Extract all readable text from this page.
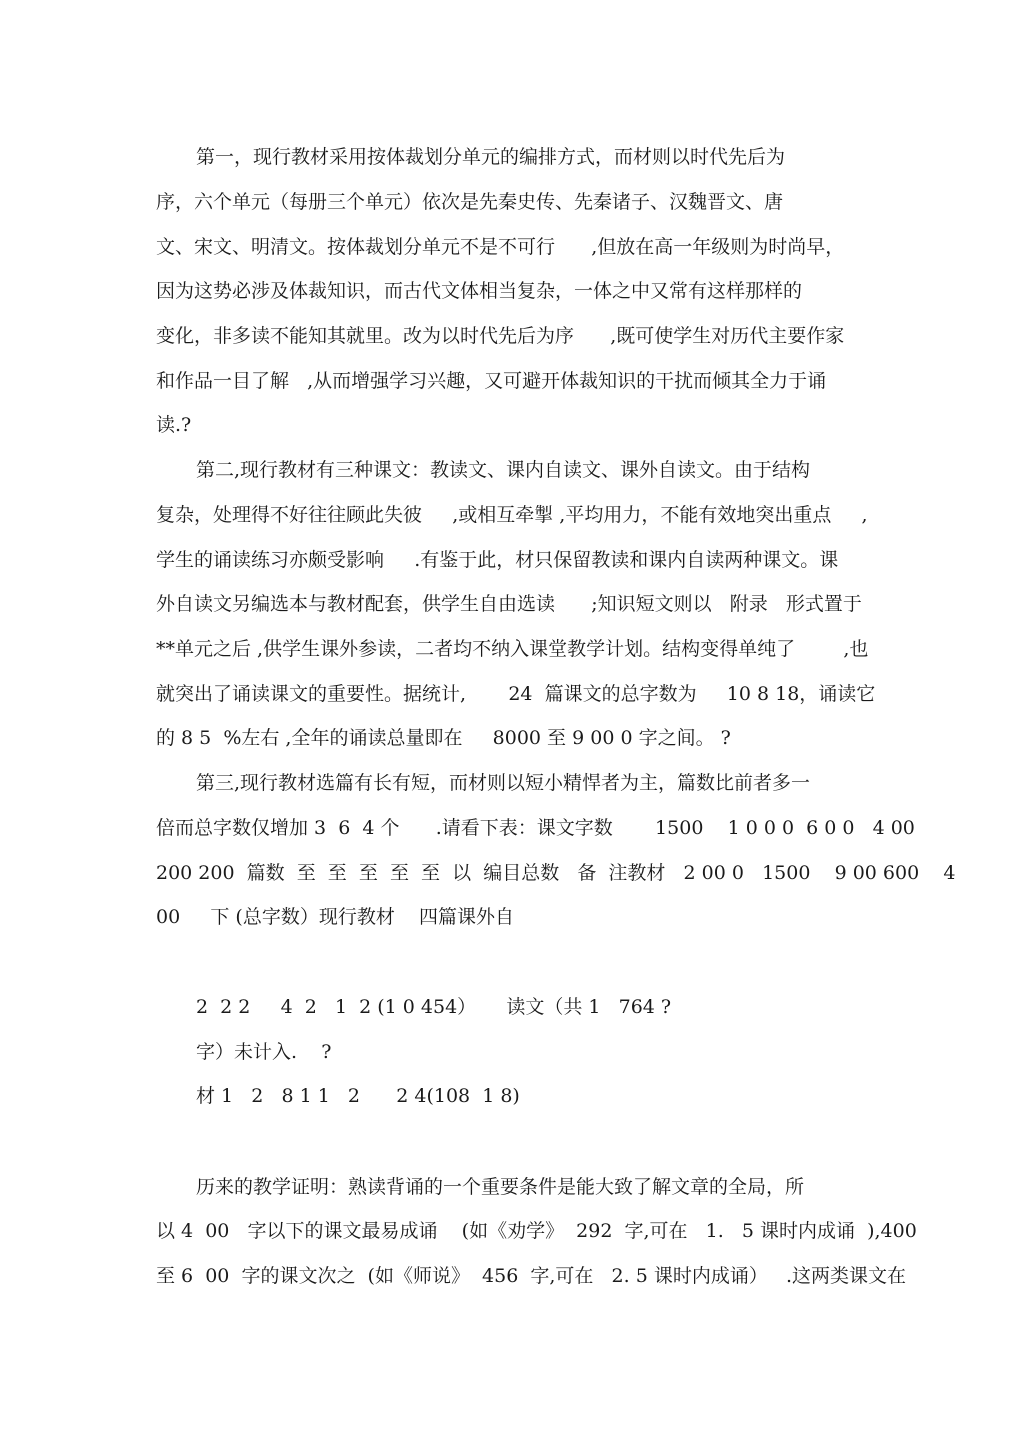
第一，现行教材采用按体裁划分单元的编排方式，而材则以时代先后为
序，六个单元（每册三个单元）依次是先秦史传、先秦诸子、汉魏晋文、唐
文、宋文、明清文。按体裁划分单元不是不可行      ,但放在高一年级则为时尚早，
因为这势必涉及体裁知识，而古代文体相当复杂，一体之中又常有这样那样的
变化，非多读不能知其就里。改为以时代先后为序      ,既可使学生对历代主要作家
和作品一目了解   ,从而增强学习兴趣，又可避开体裁知识的干扰而倾其全力于诵
读.?
第二,现行教材有三种课文：教读文、课内自读文、课外自读文。由于结构
复杂，处理得不好往往顾此失彼     ,或相互牵掣 ,平均用力，不能有效地突出重点     ,
学生的诵读练习亦颇受影响     .有鉴于此，材只保留教读和课内自读两种课文。课
外自读文另编选本与教材配套，供学生自由选读      ;知识短文则以   附录   形式置于
**单元之后 ,供学生课外参读，二者均不纳入课堂教学计划。结构变得单纯了        ,也
就突出了诵读课文的重要性。据统计,       24  篇课文的总字数为     10 8 18，诵读它
的 8 5  %左右 ,全年的诵读总量即在     8000 至 9 00 0 字之间。 ?
第三,现行教材选篇有长有短，而材则以短小精悍者为主，篇数比前者多一
倍而总字数仅增加 3  6  4 个      .请看下表：课文字数       1500    1 0 0 0  6 0 0   4 00
200 200  篇数  至  至  至  至  至  以  编目总数   备  注教材   2 00 0   1500    9 00 600    4
00     下 (总字数）现行教材    四篇课外自
2  2 2     4  2   1  2 (1 0 454）     读文（共 1   764 ?
字）未计入.    ?
材 1   2   8 1 1   2      2 4(108  1 8)
历来的教学证明：熟读背诵的一个重要条件是能大致了解文章的全局，所
以 4  00   字以下的课文最易成诵    (如《劝学》  292  字,可在   1.   5 课时内成诵  ),400
至 6  00  字的课文次之  (如《师说》  456  字,可在   2. 5 课时内成诵）   .这两类课文在
